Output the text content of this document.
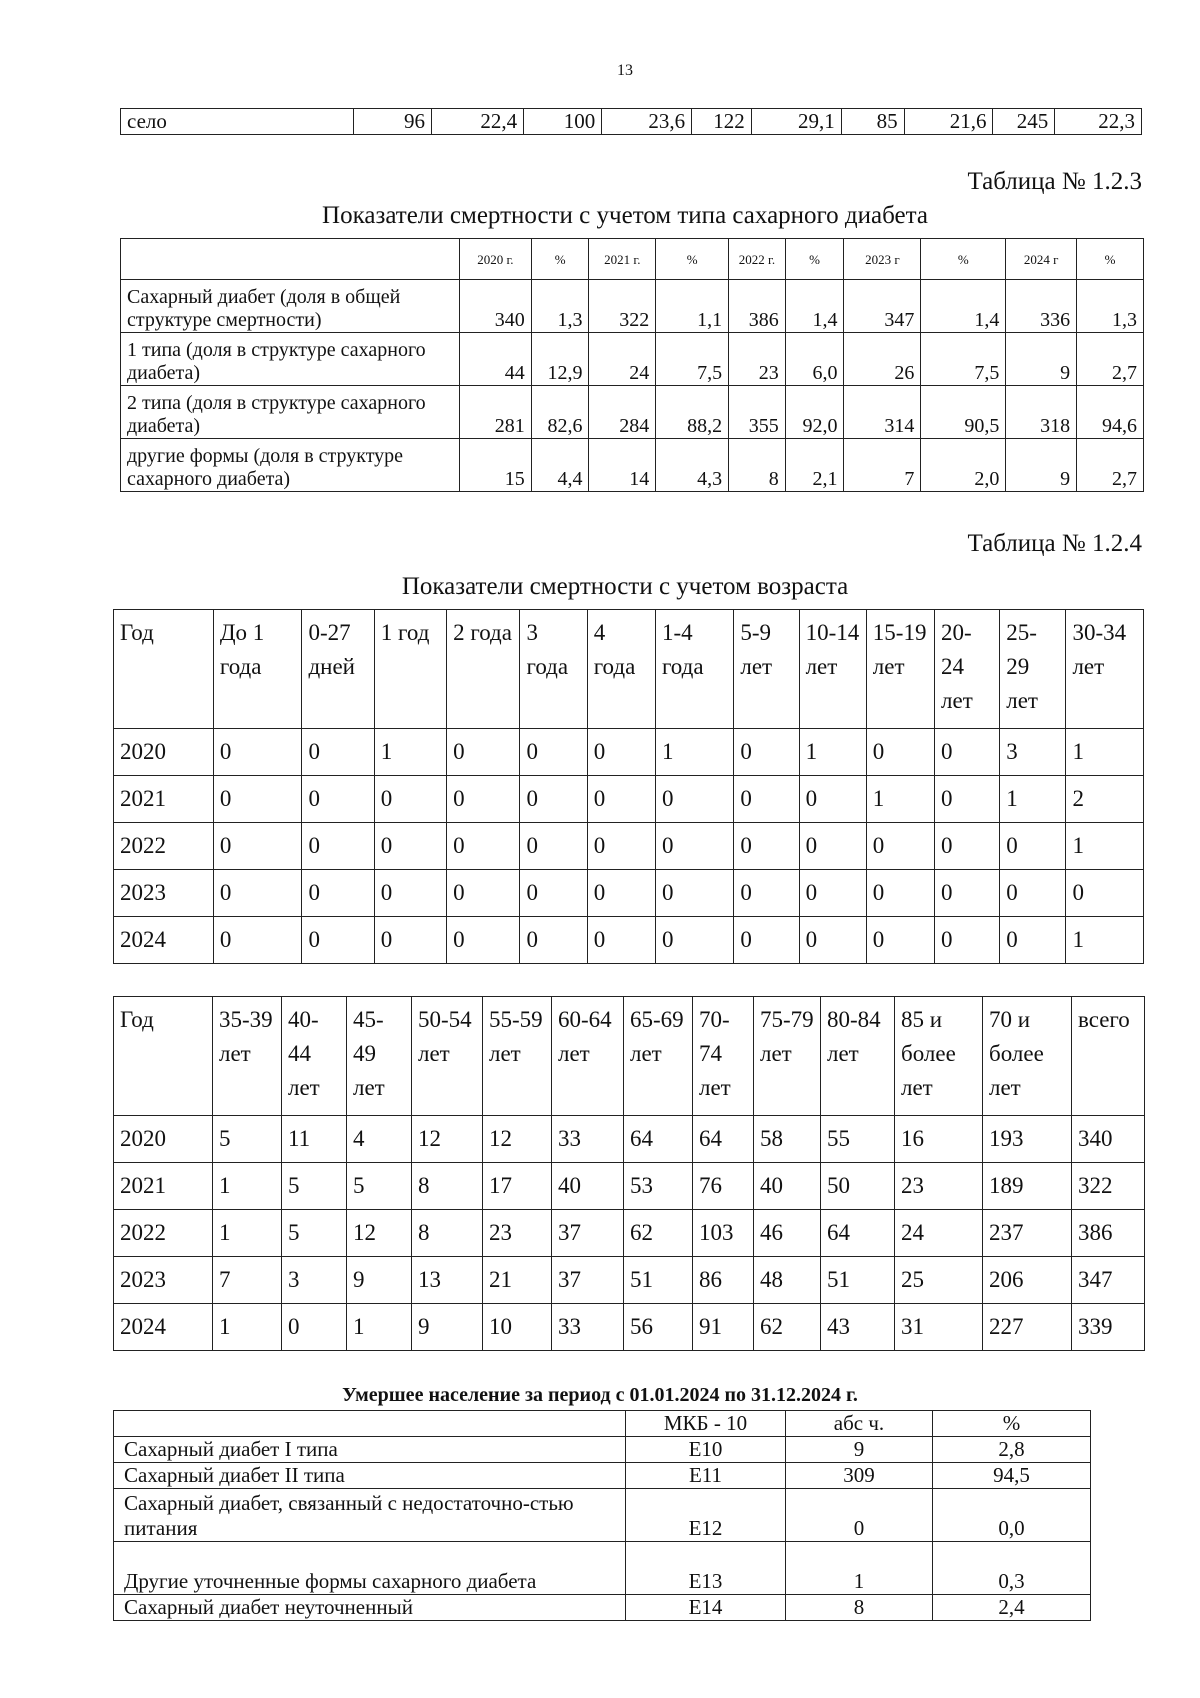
13
село	96	22,4	100	23,6	122	29,1	85	21,6	245	22,3
Таблица № 1.2.3
Показатели смертности с учетом типа сахарного диабета
	2020 г.	%	2021 г.	%	2022 г.	%	2023 г	%	2024 г	%
Сахарный диабет (доля в общей структуре смертности)	340	1,3	322	1,1	386	1,4	347	1,4	336	1,3
1 типа (доля в структуре сахарного диабета)	44	12,9	24	7,5	23	6,0	26	7,5	9	2,7
2 типа (доля в структуре сахарного диабета)	281	82,6	284	88,2	355	92,0	314	90,5	318	94,6
другие формы (доля в структуре сахарного диабета)	15	4,4	14	4,3	8	2,1	7	2,0	9	2,7
Таблица № 1.2.4
Показатели смертности с учетом возраста
Год	До 1 года	0-27 дней	1 год	2 года	3 года	4 года	1-4 года	5-9 лет	10-14 лет	15-19 лет	20-24 лет	25-29 лет	30-34 лет
2020	0	0	1	0	0	0	1	0	1	0	0	3	1
2021	0	0	0	0	0	0	0	0	0	1	0	1	2
2022	0	0	0	0	0	0	0	0	0	0	0	0	1
2023	0	0	0	0	0	0	0	0	0	0	0	0	0
2024	0	0	0	0	0	0	0	0	0	0	0	0	1
Год	35-39 лет	40-44 лет	45-49 лет	50-54 лет	55-59 лет	60-64 лет	65-69 лет	70-74 лет	75-79 лет	80-84 лет	85 и более лет	70 и более лет	всего
2020	5	11	4	12	12	33	64	64	58	55	16	193	340
2021	1	5	5	8	17	40	53	76	40	50	23	189	322
2022	1	5	12	8	23	37	62	103	46	64	24	237	386
2023	7	3	9	13	21	37	51	86	48	51	25	206	347
2024	1	0	1	9	10	33	56	91	62	43	31	227	339
Умершее население за период с 01.01.2024 по 31.12.2024 г.
	МКБ - 10	абс ч.	%
Сахарный диабет I типа	Е10	9	2,8
Сахарный диабет II типа	Е11	309	94,5
Сахарный диабет, связанный с недостаточно-стью питания	Е12	0	0,0
Другие уточненные формы сахарного диабета	Е13	1	0,3
Сахарный диабет неуточненный	Е14	8	2,4
